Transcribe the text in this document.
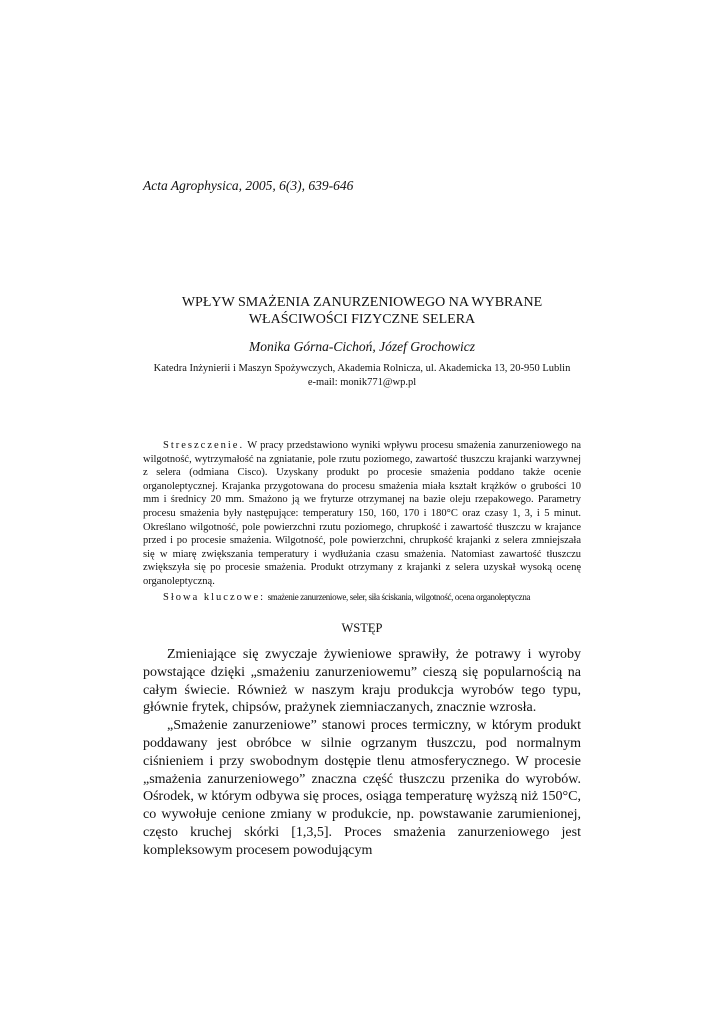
Acta Agrophysica, 2005, 6(3), 639-646
WPŁYW SMAŻENIA ZANURZENIOWEGO NA WYBRANE
WŁAŚCIWOŚCI FIZYCZNE SELERA
Monika Górna-Cichoń, Józef Grochowicz
Katedra Inżynierii i Maszyn Spożywczych, Akademia Rolnicza, ul. Akademicka 13, 20-950 Lublin
e-mail: monik771@wp.pl

Streszczenie. W pracy przedstawiono wyniki wpływu procesu smażenia zanurzeniowego na wilgotność, wytrzymałość na zgniatanie, pole rzutu poziomego, zawartość tłuszczu krajanki warzywnej z selera (odmiana Cisco). Uzyskany produkt po procesie smażenia poddano także ocenie organoleptycznej. Krajanka przygotowana do procesu smażenia miała kształt krążków o grubości 10 mm i średnicy 20 mm. Smażono ją we fryturze otrzymanej na bazie oleju rzepakowego. Parametry procesu smażenia były następujące: temperatury 150, 160, 170 i 180°C oraz czasy 1, 3, i 5 minut. Określano wilgotność, pole powierzchni rzutu poziomego, chrupkość i zawartość tłuszczu w krajance przed i po procesie smażenia. Wilgotność, pole powierzchni, chrupkość krajanki z selera zmniejszała się w miarę zwiększania temperatury i wydłużania czasu smażenia. Natomiast zawartość tłuszczu zwiększyła się po procesie smażenia. Produkt otrzymany z krajanki z selera uzyskał wysoką ocenę organoleptyczną.

Słowa kluczowe: smażenie zanurzeniowe, seler, siła ściskania, wilgotność, ocena organoleptyczna

WSTĘP

Zmieniające się zwyczaje żywieniowe sprawiły, że potrawy i wyroby powstające dzięki „smażeniu zanurzeniowemu” cieszą się popularnością na całym świecie. Również w naszym kraju produkcja wyrobów tego typu, głównie frytek, chipsów, prażynek ziemniaczanych, znacznie wzrosła.

„Smażenie zanurzeniowe” stanowi proces termiczny, w którym produkt poddawany jest obróbce w silnie ogrzanym tłuszczu, pod normalnym ciśnieniem i przy swobodnym dostępie tlenu atmosferycznego. W procesie „smażenia zanurzeniowego” znaczna część tłuszczu przenika do wyrobów. Ośrodek, w którym odbywa się proces, osiąga temperaturę wyższą niż 150°C, co wywołuje cenione zmiany w produkcie, np. powstawanie zarumienionej, często kruchej skórki [1,3,5]. Proces smażenia zanurzeniowego jest kompleksowym procesem powodującym
